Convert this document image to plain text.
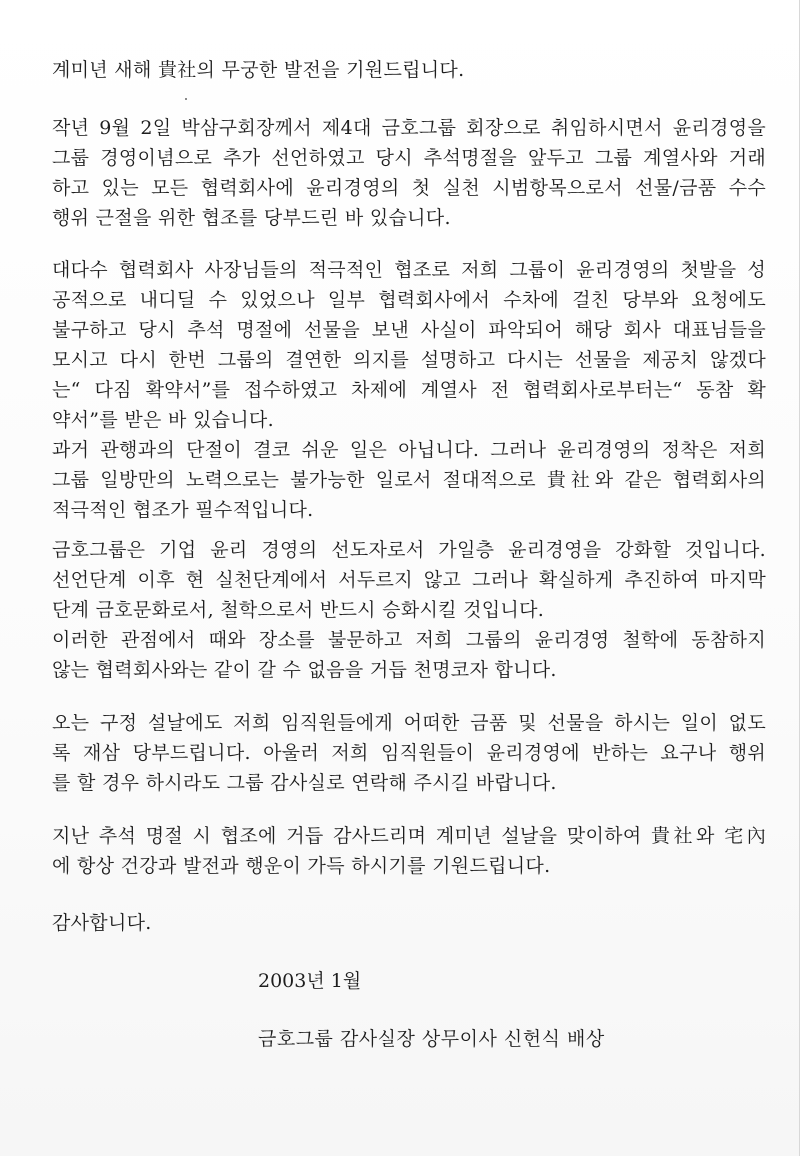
계미년 새해 貴社의 무궁한 발전을 기원드립니다.
작년 9월 2일 박삼구회장께서 제4대 금호그룹 회장으로 취임하시면서 윤리경영을
그룹 경영이념으로 추가 선언하였고 당시 추석명절을 앞두고 그룹 계열사와 거래
하고 있는 모든 협력회사에 윤리경영의 첫 실천 시범항목으로서 선물/금품 수수
행위 근절을 위한 협조를 당부드린 바 있습니다.
대다수 협력회사 사장님들의 적극적인 협조로 저희 그룹이 윤리경영의 첫발을 성
공적으로 내디딜 수 있었으나 일부 협력회사에서 수차에 걸친 당부와 요청에도
불구하고 당시 추석 명절에 선물을 보낸 사실이 파악되어 해당 회사 대표님들을
모시고 다시 한번 그룹의 결연한 의지를 설명하고 다시는 선물을 제공치 않겠다
는“ 다짐 확약서”를 접수하였고 차제에 계열사 전 협력회사로부터는“ 동참 확
약서”를 받은 바 있습니다.
과거 관행과의 단절이 결코 쉬운 일은 아닙니다. 그러나 윤리경영의 정착은 저희
그룹 일방만의 노력으로는 불가능한 일로서 절대적으로 貴社와 같은 협력회사의
적극적인 협조가 필수적입니다.
금호그룹은 기업 윤리 경영의 선도자로서 가일층 윤리경영을 강화할 것입니다.
선언단계 이후 현 실천단계에서 서두르지 않고 그러나 확실하게 추진하여 마지막
단계 금호문화로서, 철학으로서 반드시 승화시킬 것입니다.
이러한 관점에서 때와 장소를 불문하고 저희 그룹의 윤리경영 철학에 동참하지
않는 협력회사와는 같이 갈 수 없음을 거듭 천명코자 합니다.
오는 구정 설날에도 저희 임직원들에게 어떠한 금품 및 선물을 하시는 일이 없도
록 재삼 당부드립니다. 아울러 저희 임직원들이 윤리경영에 반하는 요구나 행위
를 할 경우 하시라도 그룹 감사실로 연락해 주시길 바랍니다.
지난 추석 명절 시 협조에 거듭 감사드리며 계미년 설날을 맞이하여 貴社와 宅內
에 항상 건강과 발전과 행운이 가득 하시기를 기원드립니다.
감사합니다.
2003년 1월
금호그룹 감사실장 상무이사 신헌식 배상
